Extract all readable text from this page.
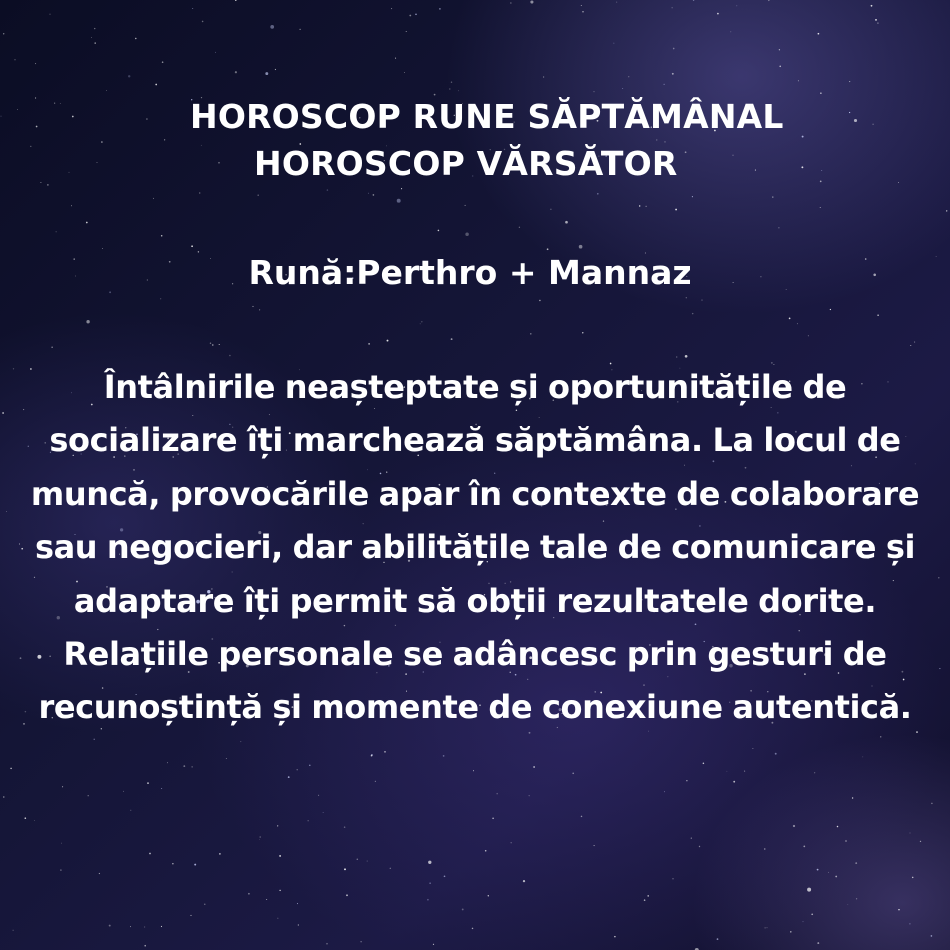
HOROSCOP RUNE SĂPTĂMÂNAL
HOROSCOP VĂRSĂTOR

Rună:Perthro + Mannaz

Întâlnirile neașteptate și oportunitățile de socializare îți marchează săptămâna. La locul de muncă, provocările apar în contexte de colaborare sau negocieri, dar abilitățile tale de comunicare și adaptare îți permit să obții rezultatele dorite. Relațiile personale se adâncesc prin gesturi de recunoștință și momente de conexiune autentică.
